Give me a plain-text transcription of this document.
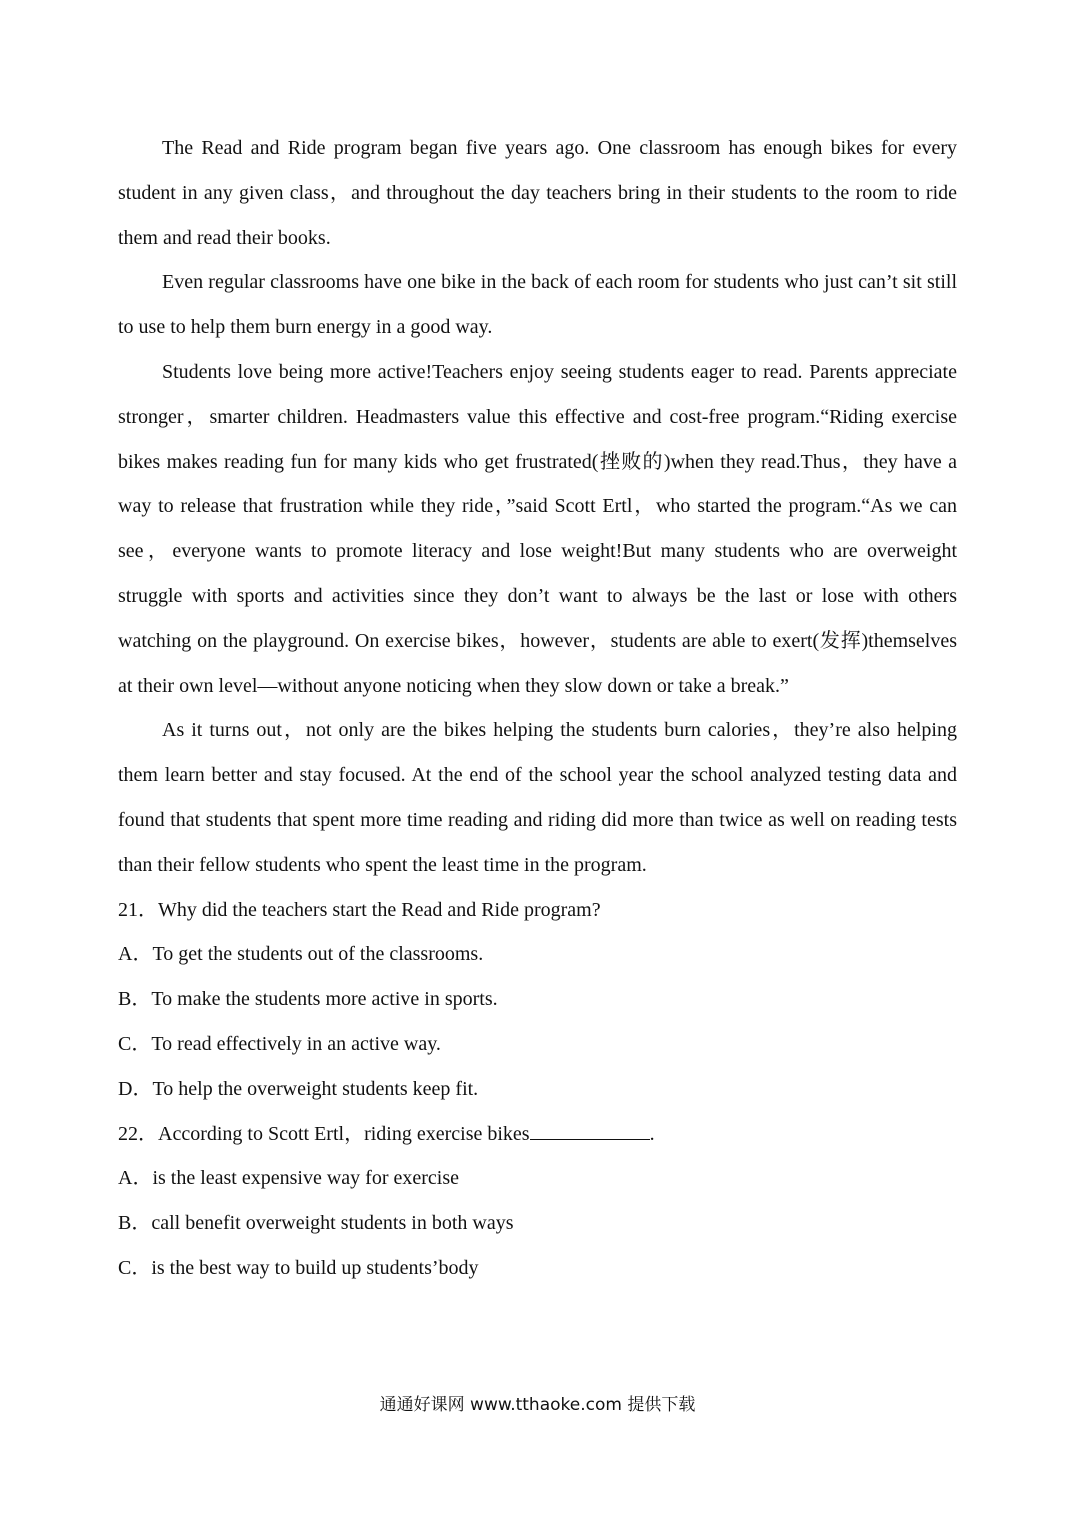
The Read and Ride program began five years ago. One classroom has enough bikes for every student in any given class，and throughout the day teachers bring in their students to the room to ride them and read their books.

Even regular classrooms have one bike in the back of each room for students who just can’t sit still to use to help them burn energy in a good way.

Students love being more active!Teachers enjoy seeing students eager to read. Parents appreciate stronger，smarter children. Headmasters value this effective and cost-free program.“Riding exercise bikes makes reading fun for many kids who get frustrated(挫败的)when they read.Thus，they have a way to release that frustration while they ride，”said Scott Ertl，who started the program.“As we can see，everyone wants to promote literacy and lose weight!But many students who are overweight struggle with sports and activities since they don’t want to always be the last or lose with others watching on the playground. On exercise bikes，however，students are able to exert(发挥)themselves at their own level—without anyone noticing when they slow down or take a break.”

As it turns out，not only are the bikes helping the students burn calories，they’re also helping them learn better and stay focused. At the end of the school year the school analyzed testing data and found that students that spent more time reading and riding did more than twice as well on reading tests than their fellow students who spent the least time in the program.

21．Why did the teachers start the Read and Ride program?

A．To get the students out of the classrooms.

B．To make the students more active in sports.

C．To read effectively in an active way.

D．To help the overweight students keep fit.

22．According to Scott Ertl，riding exercise bikes	.

A．is the least expensive way for exercise

B．call benefit overweight students in both ways

C．is the best way to build up students’body

通通好课网 www.tthaoke.com 提供下载
